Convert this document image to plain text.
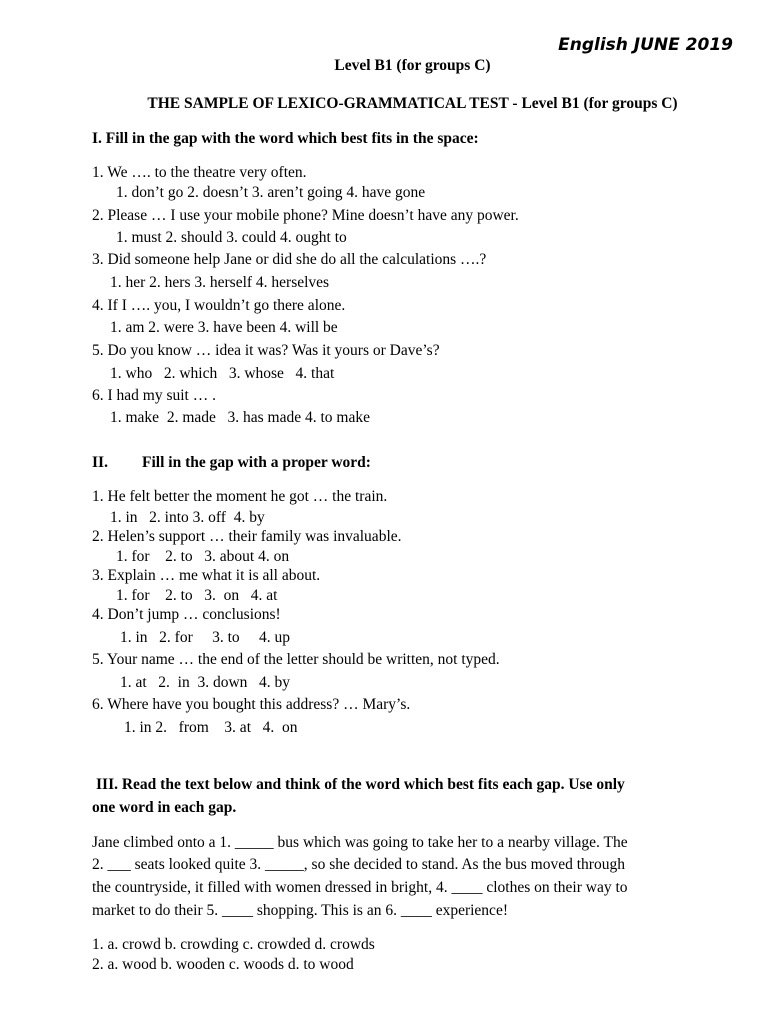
English JUNE 2019
Level B1 (for groups C)
THE SAMPLE OF LEXICO-GRAMMATICAL TEST - Level B1 (for groups C)
I. Fill in the gap with the word which best fits in the space:
1. We …. to the theatre very often.
1. don’t go 2. doesn’t 3. aren’t going 4. have gone
2. Please … I use your mobile phone? Mine doesn’t have any power.
1. must 2. should 3. could 4. ought to
3. Did someone help Jane or did she do all the calculations ….?
1. her 2. hers 3. herself 4. herselves
4. If I …. you, I wouldn’t go there alone.
1. am 2. were 3. have been 4. will be
5. Do you know … idea it was? Was it yours or Dave’s?
1. who   2. which   3. whose   4. that
6. I had my suit … .
1. make  2. made   3. has made 4. to make
II. Fill in the gap with a proper word:
1. He felt better the moment he got … the train.
1. in   2. into 3. off  4. by
2. Helen’s support … their family was invaluable.
1. for    2. to   3. about 4. on
3. Explain … me what it is all about.
1. for    2. to   3.  on   4. at
4. Don’t jump … conclusions!
1. in   2. for     3. to     4. up
5. Your name … the end of the letter should be written, not typed.
1. at   2.  in  3. down   4. by
6. Where have you bought this address? … Mary’s.
1. in 2.   from    3. at   4.  on
III. Read the text below and think of the word which best fits each gap. Use only
one word in each gap.
Jane climbed onto a 1. _____ bus which was going to take her to a nearby village. The
2. ___ seats looked quite 3. _____, so she decided to stand. As the bus moved through
the countryside, it filled with women dressed in bright, 4. ____ clothes on their way to
market to do their 5. ____ shopping. This is an 6. ____ experience!
1. a. crowd b. crowding c. crowded d. crowds
2. a. wood b. wooden c. woods d. to wood
